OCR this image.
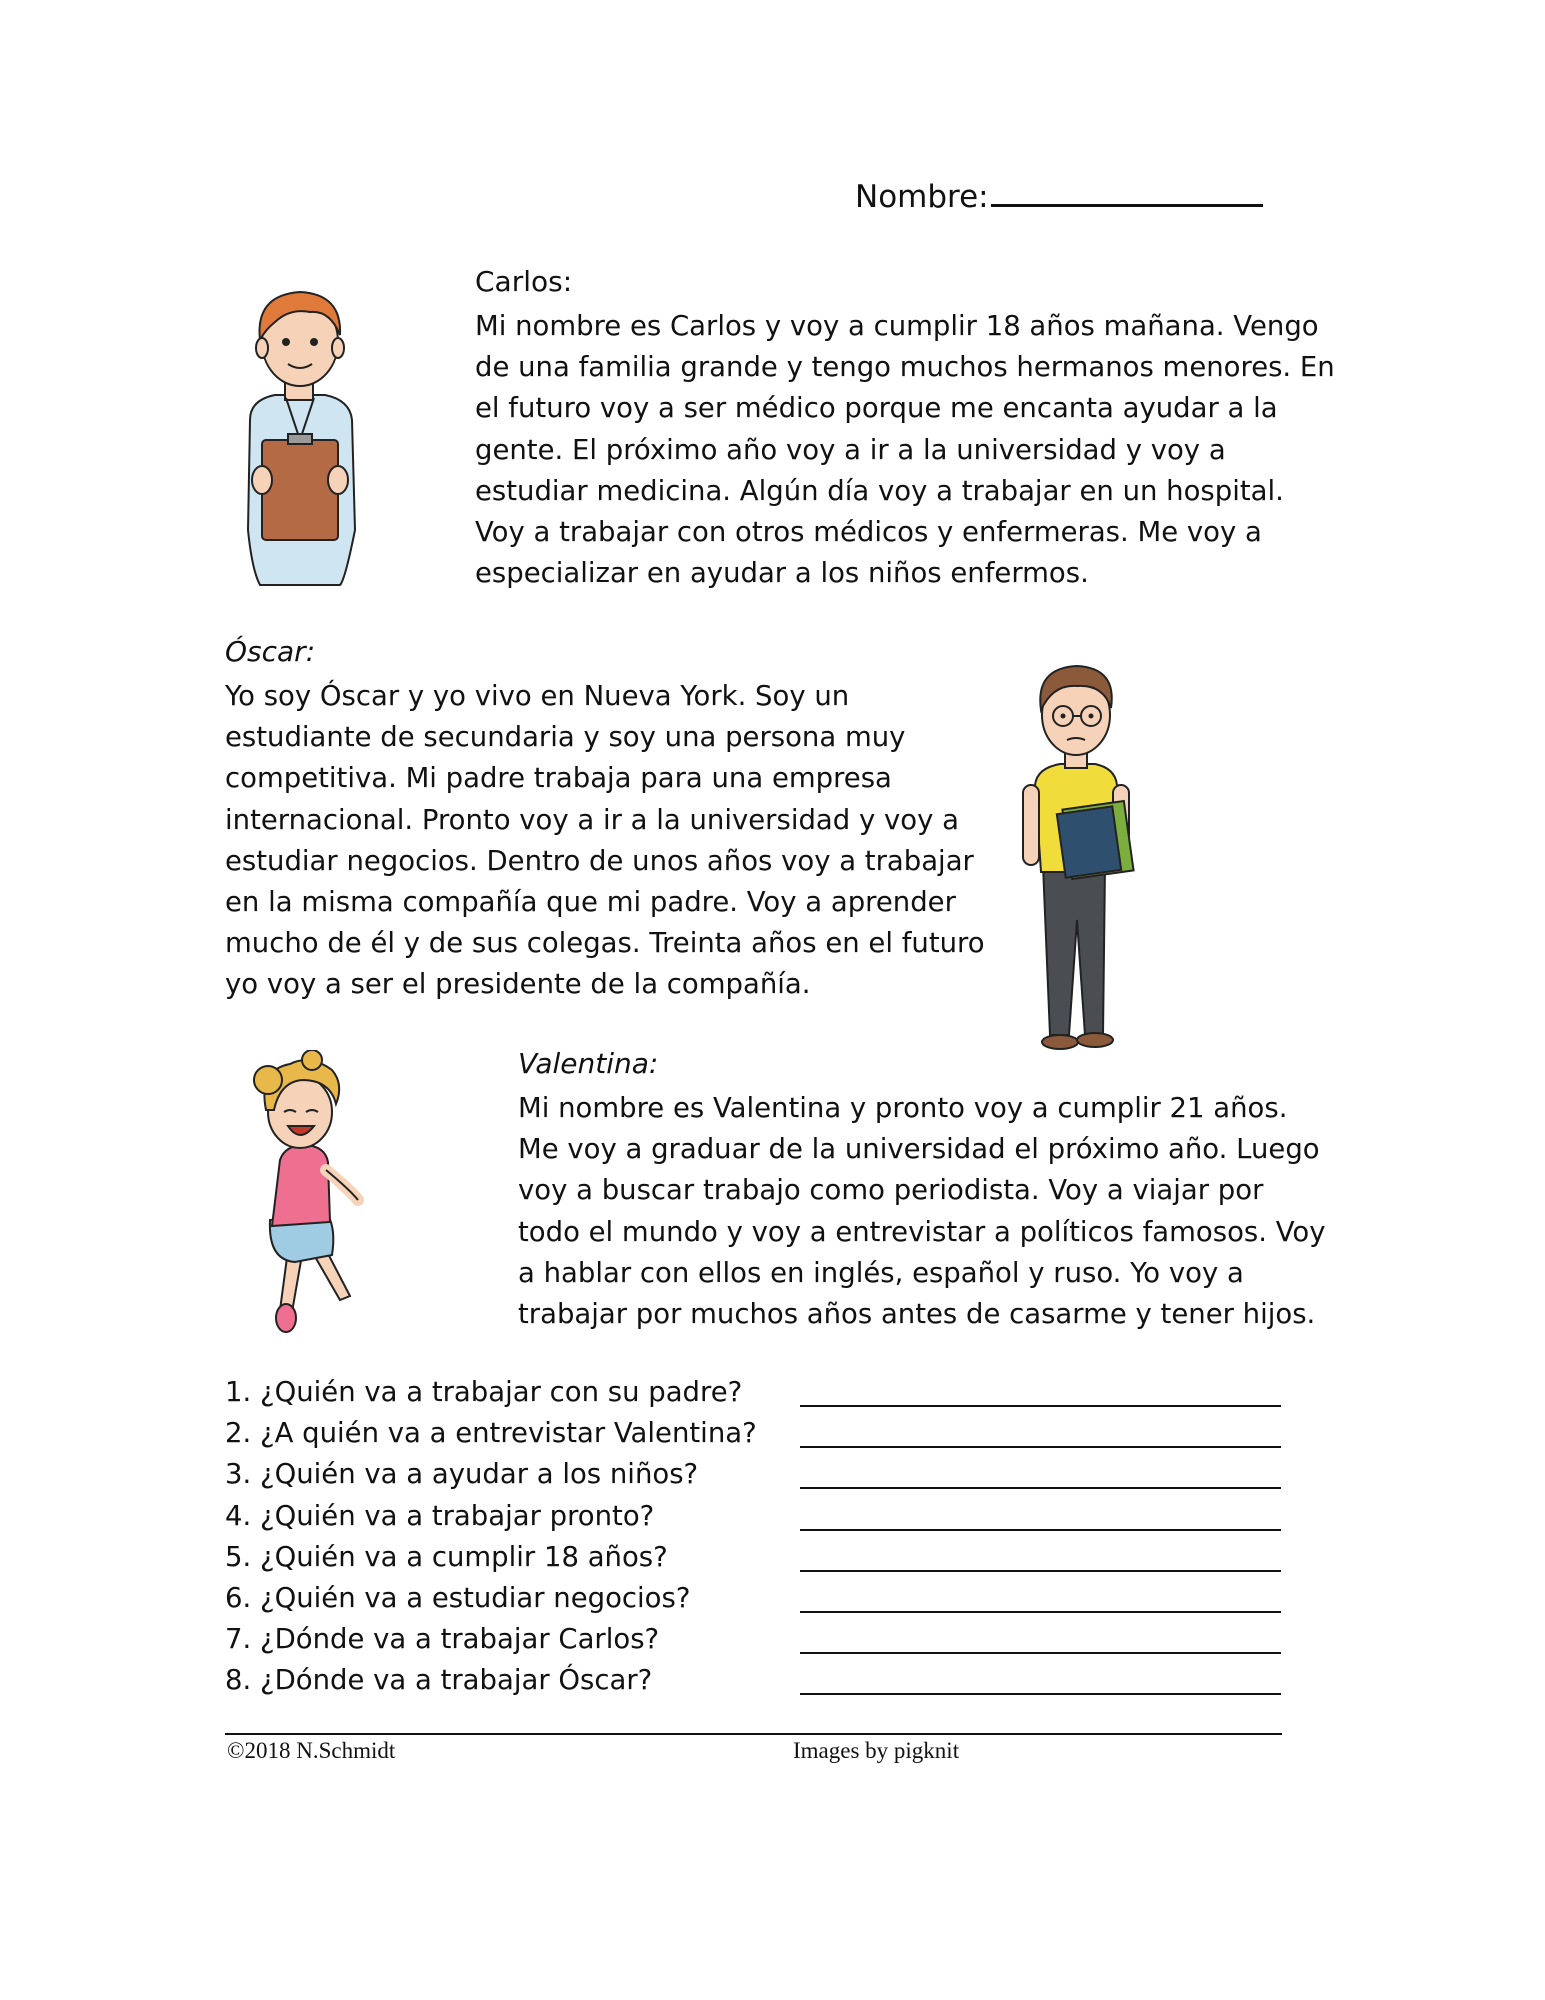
Nombre:
Carlos:

Mi nombre es Carlos y voy a cumplir 18 años mañana. Vengo
de una familia grande y tengo muchos hermanos menores. En
el futuro voy a ser médico porque me encanta ayudar a la
gente. El próximo año voy a ir a la universidad y voy a
estudiar medicina. Algún día voy a trabajar en un hospital.
Voy a trabajar con otros médicos y enfermeras. Me voy a
especializar en ayudar a los niños enfermos.

Óscar:

Yo soy Óscar y yo vivo en Nueva York. Soy un
estudiante de secundaria y soy una persona muy
competitiva. Mi padre trabaja para una empresa
internacional. Pronto voy a ir a la universidad y voy a
estudiar negocios. Dentro de unos años voy a trabajar
en la misma compañía que mi padre. Voy a aprender
mucho de él y de sus colegas. Treinta años en el futuro
yo voy a ser el presidente de la compañía.

Valentina:

Mi nombre es Valentina y pronto voy a cumplir 21 años.
Me voy a graduar de la universidad el próximo año. Luego
voy a buscar trabajo como periodista. Voy a viajar por
todo el mundo y voy a entrevistar a políticos famosos. Voy
a hablar con ellos en inglés, español y ruso. Yo voy a
trabajar por muchos años antes de casarme y tener hijos.

1. ¿Quién va a trabajar con su padre?
2. ¿A quién va a entrevistar Valentina?
3. ¿Quién va a ayudar a los niños?
4. ¿Quién va a trabajar pronto?
5. ¿Quién va a cumplir 18 años?
6. ¿Quién va a estudiar negocios?
7. ¿Dónde va a trabajar Carlos?
8. ¿Dónde va a trabajar Óscar?
©2018 N.Schmidt	Images by pigknit
